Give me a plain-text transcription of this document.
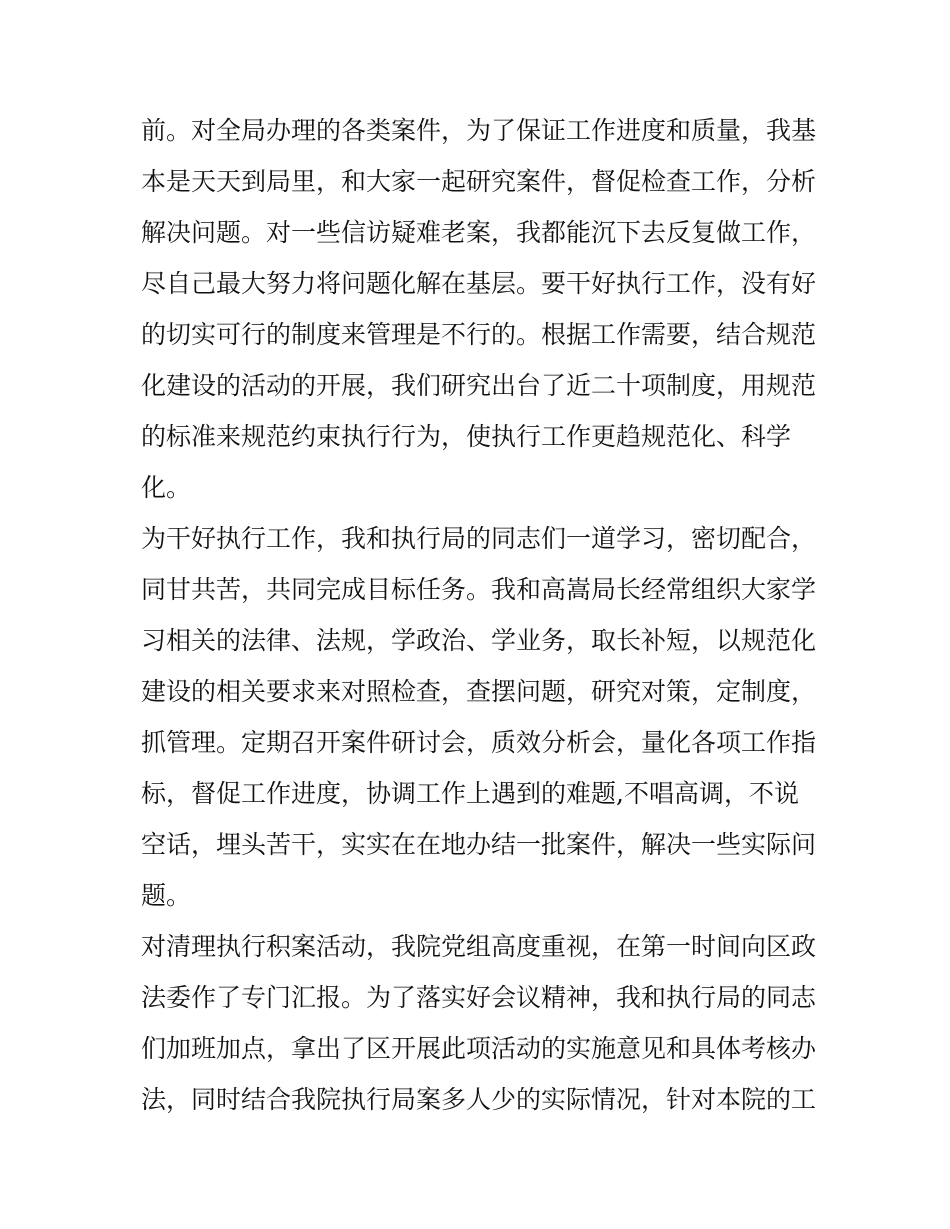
前。对全局办理的各类案件，为了保证工作进度和质量，我基
本是天天到局里，和大家一起研究案件，督促检查工作，分析
解决问题。对一些信访疑难老案，我都能沉下去反复做工作，
尽自己最大努力将问题化解在基层。要干好执行工作，没有好
的切实可行的制度来管理是不行的。根据工作需要，结合规范
化建设的活动的开展，我们研究出台了近二十项制度，用规范
的标准来规范约束执行行为，使执行工作更趋规范化、科学
化。
为干好执行工作，我和执行局的同志们一道学习，密切配合，
同甘共苦，共同完成目标任务。我和高嵩局长经常组织大家学
习相关的法律、法规，学政治、学业务，取长补短，以规范化
建设的相关要求来对照检查，查摆问题，研究对策，定制度，
抓管理。定期召开案件研讨会，质效分析会，量化各项工作指
标，督促工作进度，协调工作上遇到的难题,不唱高调，不说
空话，埋头苦干，实实在在地办结一批案件，解决一些实际问
题。
对清理执行积案活动，我院党组高度重视，在第一时间向区政
法委作了专门汇报。为了落实好会议精神，我和执行局的同志
们加班加点，拿出了区开展此项活动的实施意见和具体考核办
法，同时结合我院执行局案多人少的实际情况，针对本院的工
